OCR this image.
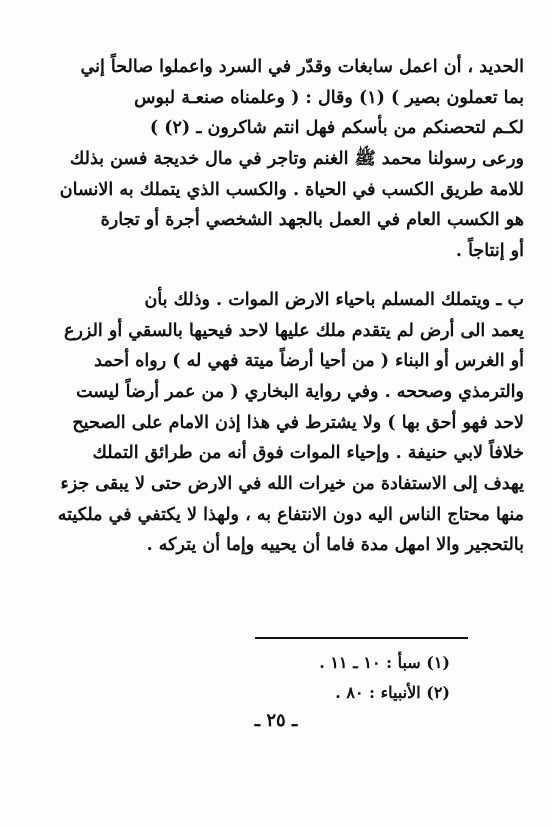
الحديد ، أن اعمل سابغات وقدّر في السرد واعملوا صالحاً إني
بما تعملون بصير ) (١) وقال : ( وعلمناه صنعـة لبوس
لكـم لتحصنكم من بأسكم فهل انتم شاكرون ـ (٢) )
ورعى رسولنا محمد ﷺ الغنم وتاجر في مال خديجة فسن بذلك
للامة طريق الكسب في الحياة . والكسب الذي يتملك به الانسان
هو الكسب العام في العمل بالجهد الشخصي أجرة أو تجارة
أو إنتاجاً .
ب ـ ويتملك المسلم باحياء الارض الموات . وذلك بأن
يعمد الى أرض لم يتقدم ملك عليها لاحد فيحيها بالسقي أو الزرع
أو الغرس أو البناء ( من أحيا أرضاً ميتة فهي له ) رواه أحمد
والترمذي وصححه . وفي رواية البخاري ( من عمر أرضاً ليست
لاحد فهو أحق بها ) ولا يشترط في هذا إذن الامام على الصحيح
خلافاً لابي حنيفة . وإحياء الموات فوق أنه من طرائق التملك
يهدف إلى الاستفادة من خيرات الله في الارض حتى لا يبقى جزء
منها محتاج الناس اليه دون الانتفاع به ، ولهذا لا يكتفي في ملكيته
بالتحجير والا امهل مدة فاما أن يحييه وإما أن يتركه .
(١) سبأ : ١٠ ـ ١١ .
(٢) الأنبياء : ٨٠ .
ـ ٢٥ ـ
